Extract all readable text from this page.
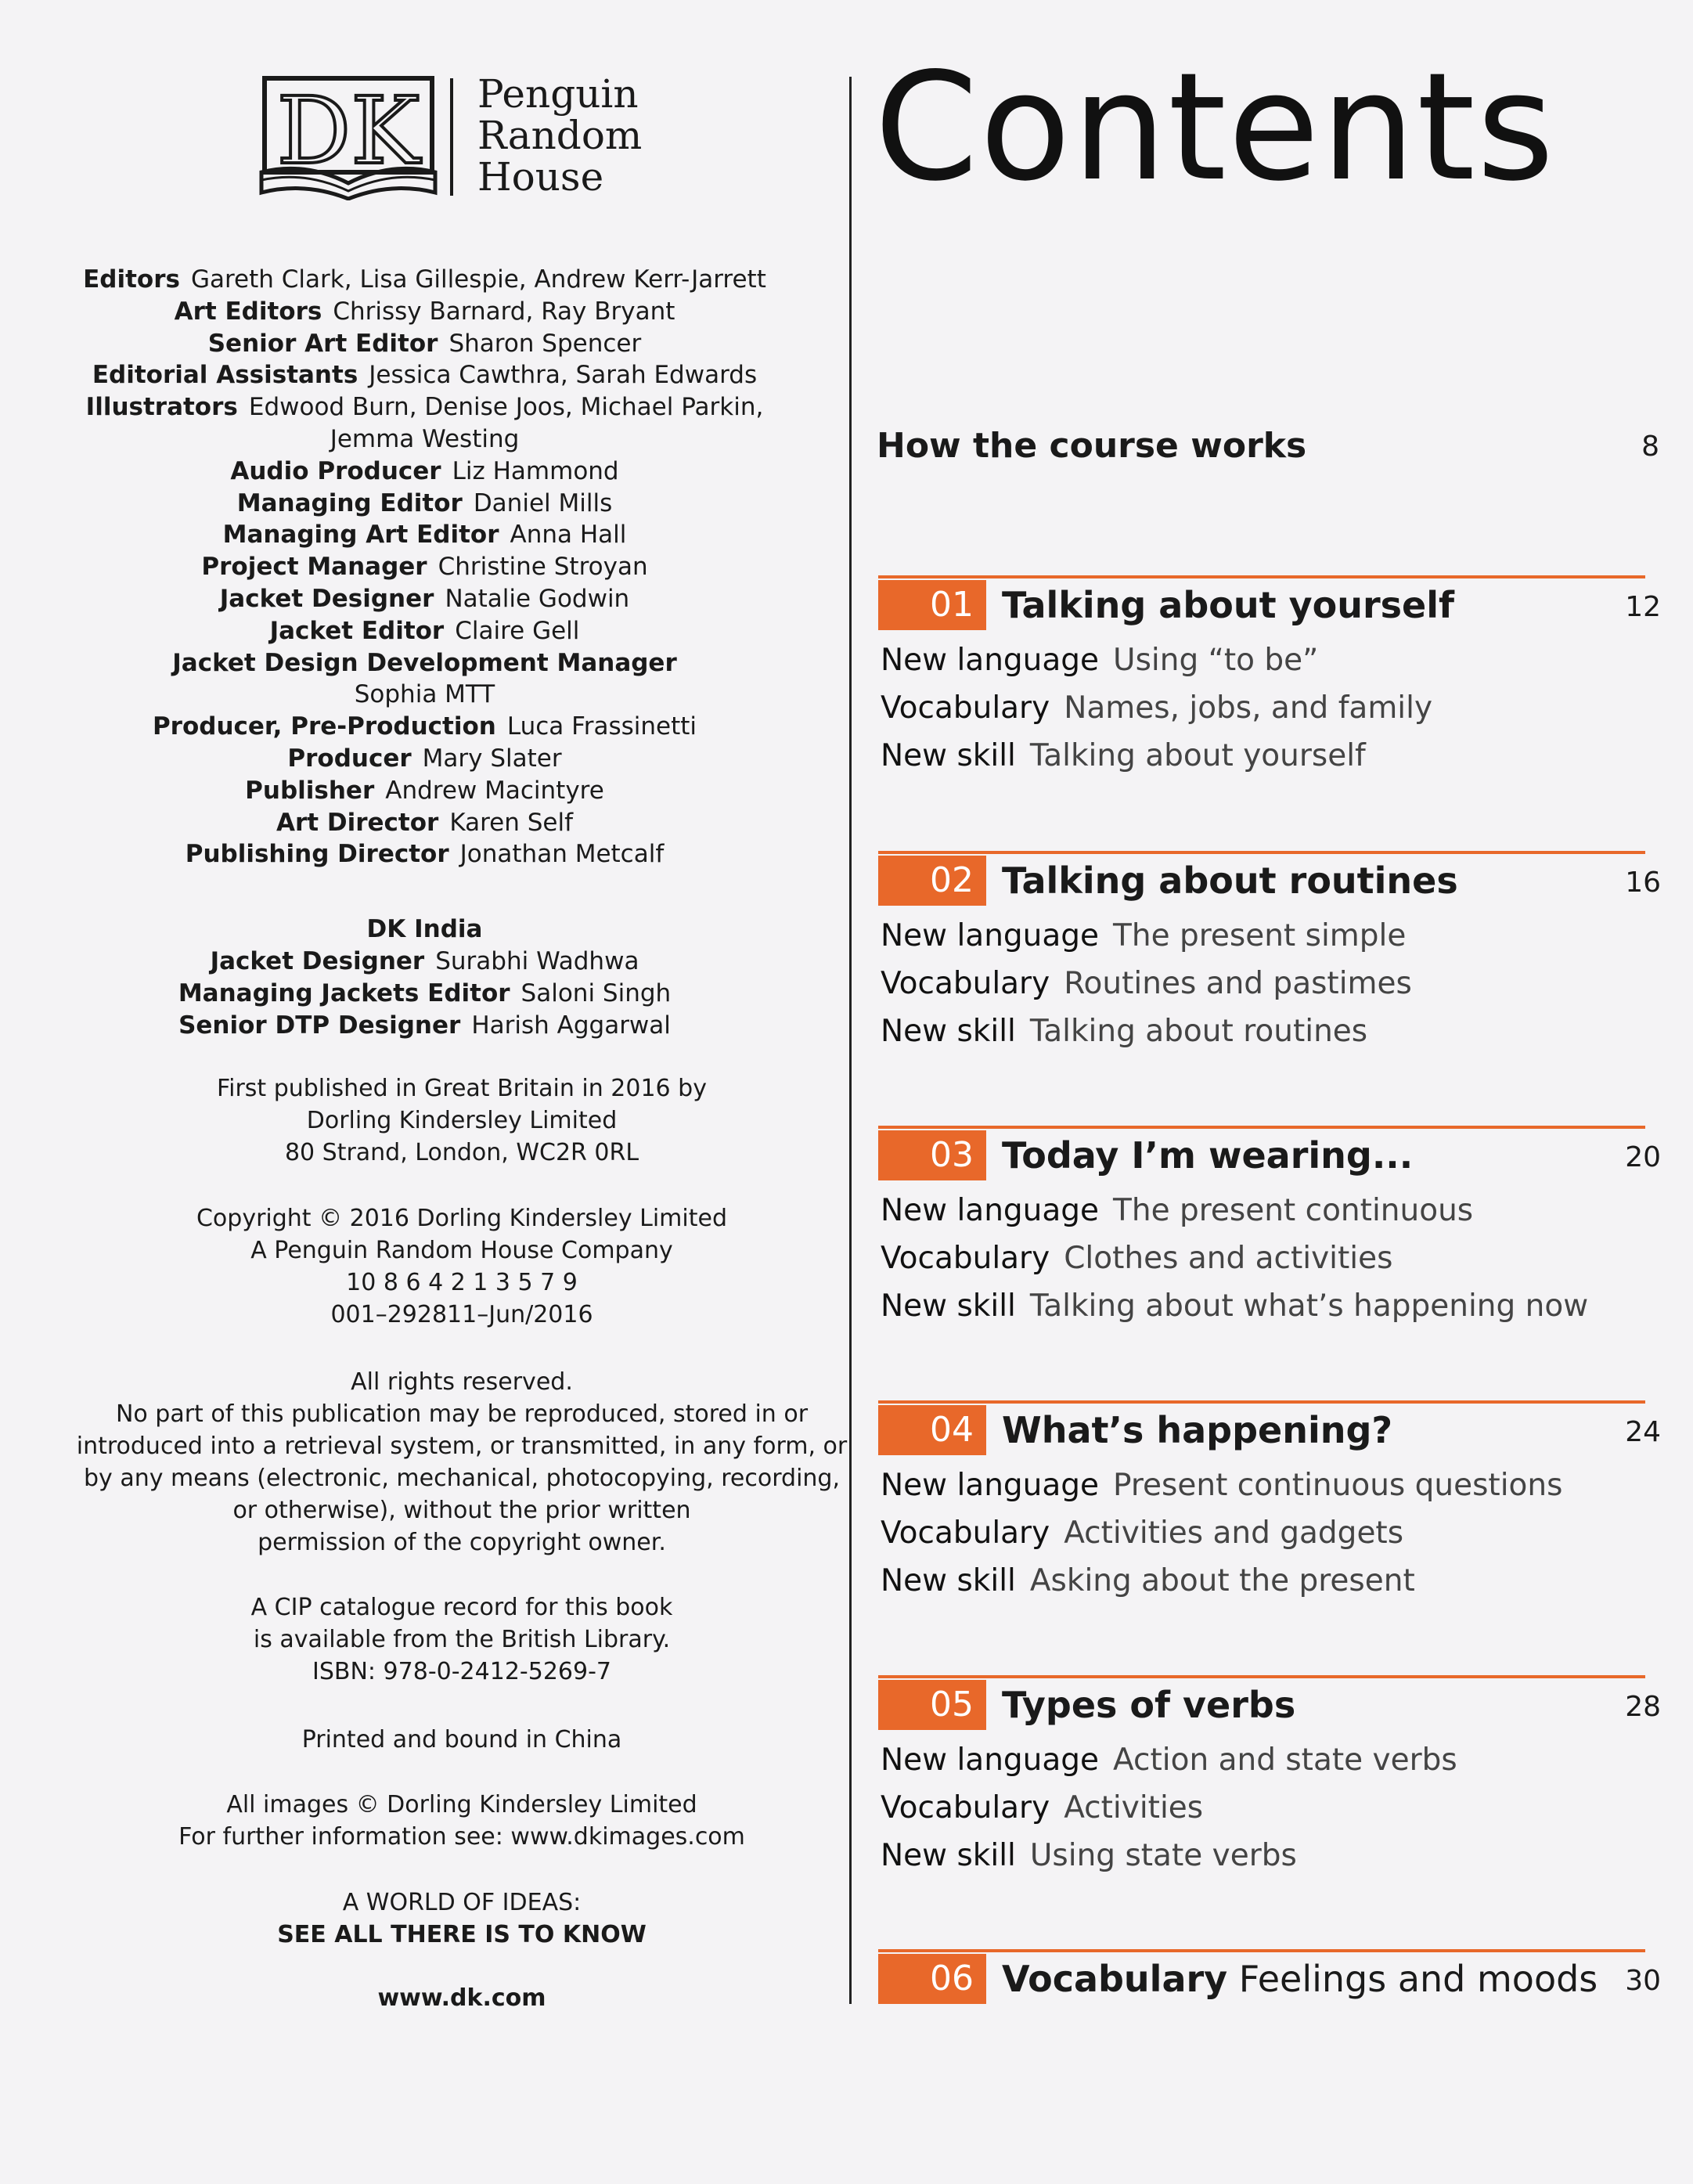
DK Penguin
Random
House
Editors Gareth Clark, Lisa Gillespie, Andrew Kerr-Jarrett
Art Editors Chrissy Barnard, Ray Bryant
Senior Art Editor Sharon Spencer
Editorial Assistants Jessica Cawthra, Sarah Edwards
Illustrators Edwood Burn, Denise Joos, Michael Parkin,
Jemma Westing
Audio Producer Liz Hammond
Managing Editor Daniel Mills
Managing Art Editor Anna Hall
Project Manager Christine Stroyan
Jacket Designer Natalie Godwin
Jacket Editor Claire Gell
Jacket Design Development Manager
Sophia MTT
Producer, Pre-Production Luca Frassinetti
Producer Mary Slater
Publisher Andrew Macintyre
Art Director Karen Self
Publishing Director Jonathan Metcalf
DK India
Jacket Designer Surabhi Wadhwa
Managing Jackets Editor Saloni Singh
Senior DTP Designer Harish Aggarwal
First published in Great Britain in 2016 by
Dorling Kindersley Limited
80 Strand, London, WC2R 0RL
Copyright © 2016 Dorling Kindersley Limited
A Penguin Random House Company
10 8 6 4 2 1 3 5 7 9
001–292811–Jun/2016
All rights reserved.
No part of this publication may be reproduced, stored in or
introduced into a retrieval system, or transmitted, in any form, or
by any means (electronic, mechanical, photocopying, recording,
or otherwise), without the prior written
permission of the copyright owner.
A CIP catalogue record for this book
is available from the British Library.
ISBN: 978-0-2412-5269-7
Printed and bound in China
All images © Dorling Kindersley Limited
For further information see: www.dkimages.com
A WORLD OF IDEAS:
SEE ALL THERE IS TO KNOW
www.dk.com
Contents
How the course works	8
01 Talking about yourself	12
New language Using “to be”
Vocabulary Names, jobs, and family
New skill Talking about yourself
02 Talking about routines	16
New language The present simple
Vocabulary Routines and pastimes
New skill Talking about routines
03 Today I’m wearing...	20
New language The present continuous
Vocabulary Clothes and activities
New skill Talking about what’s happening now
04 What’s happening?	24
New language Present continuous questions
Vocabulary Activities and gadgets
New skill Asking about the present
05 Types of verbs	28
New language Action and state verbs
Vocabulary Activities
New skill Using state verbs
06 Vocabulary Feelings and moods 30
